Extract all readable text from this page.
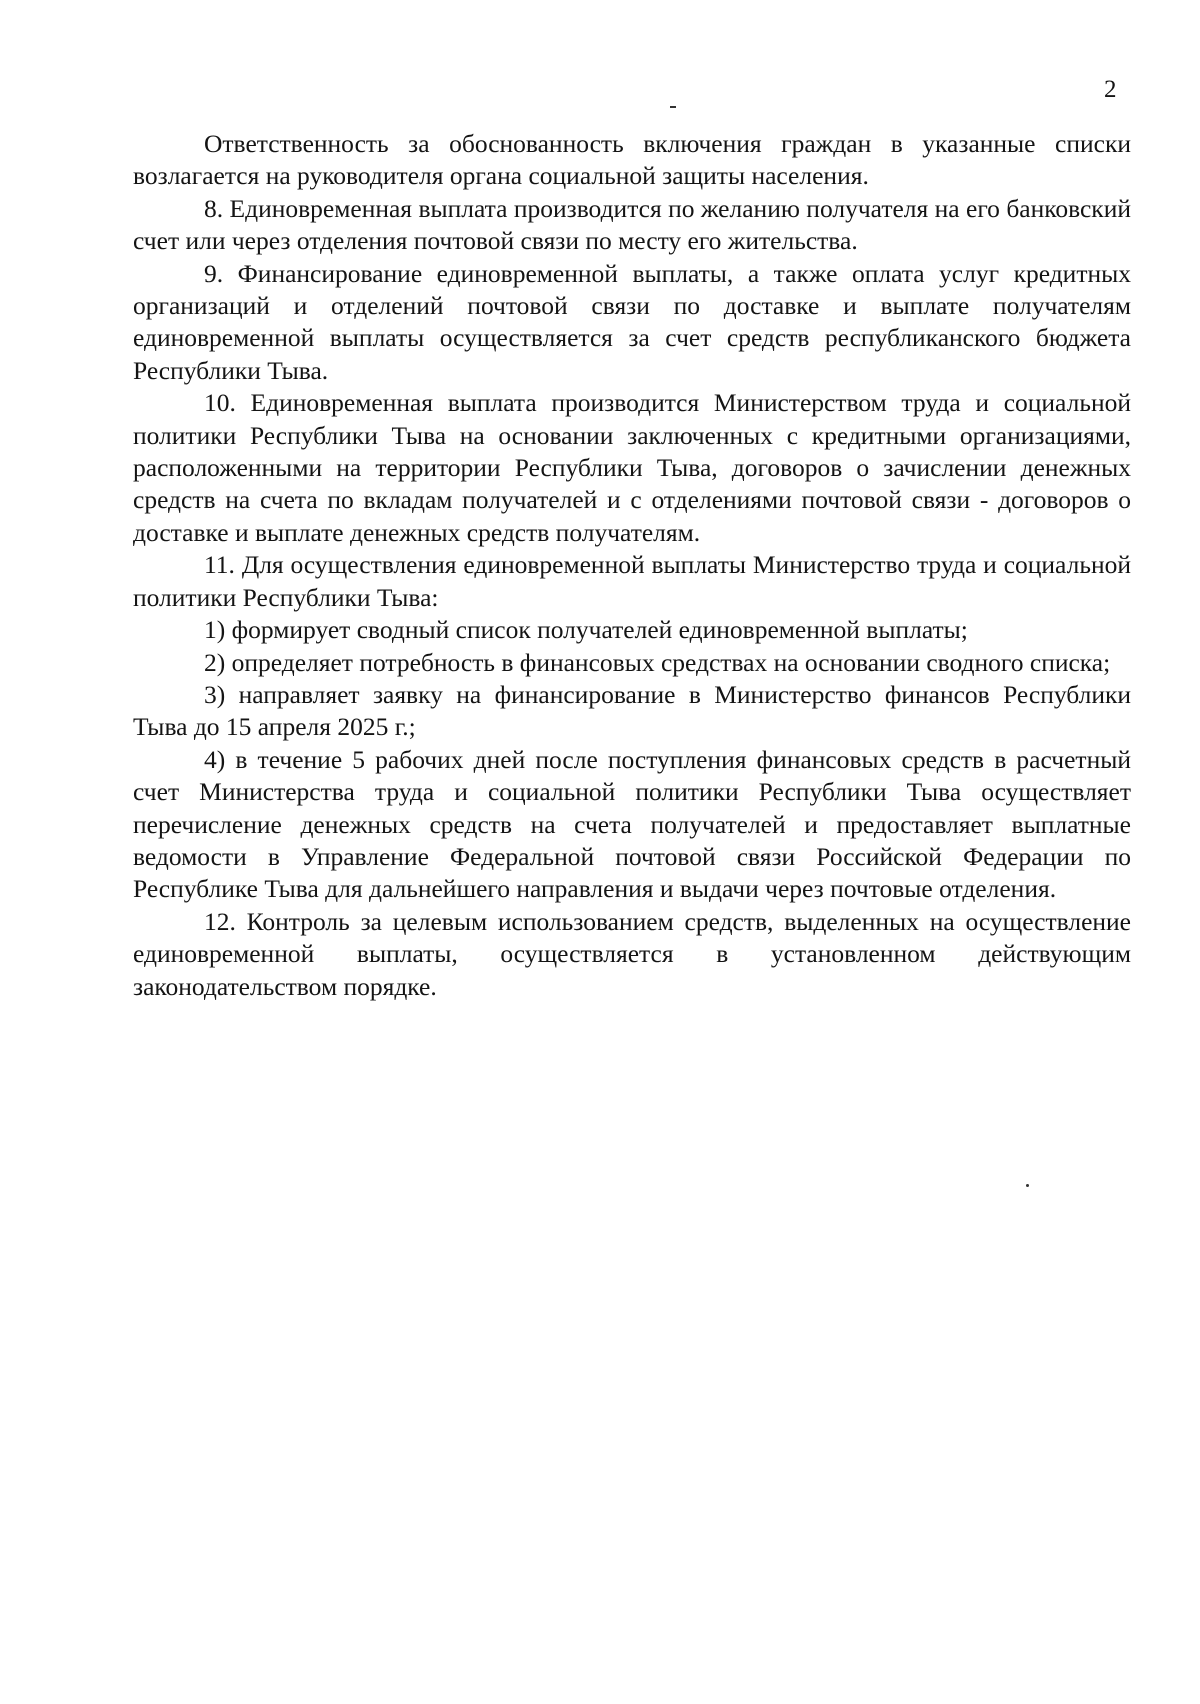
2

Ответственность за обоснованность включения граждан в указанные списки возлагается на руководителя органа социальной защиты населения.

8. Единовременная выплата производится по желанию получателя на его банковский счет или через отделения почтовой связи по месту его жительства.

9. Финансирование единовременной выплаты, а также оплата услуг кредитных организаций и отделений почтовой связи по доставке и выплате получателям единовременной выплаты осуществляется за счет средств республиканского бюджета Республики Тыва.

10. Единовременная выплата производится Министерством труда и социальной политики Республики Тыва на основании заключенных с кредитными организациями, расположенными на территории Республики Тыва, договоров о зачислении денежных средств на счета по вкладам получателей и с отделениями почтовой связи - договоров о доставке и выплате денежных средств получателям.

11. Для осуществления единовременной выплаты Министерство труда и социальной политики Республики Тыва:

1) формирует сводный список получателей единовременной выплаты;

2) определяет потребность в финансовых средствах на основании сводного списка;

3) направляет заявку на финансирование в Министерство финансов Республики Тыва до 15 апреля 2025 г.;

4) в течение 5 рабочих дней после поступления финансовых средств в расчетный счет Министерства труда и социальной политики Республики Тыва осуществляет перечисление денежных средств на счета получателей и предоставляет выплатные ведомости в Управление Федеральной почтовой связи Российской Федерации по Республике Тыва для дальнейшего направления и выдачи через почтовые отделения.

12. Контроль за целевым использованием средств, выделенных на осуществление единовременной выплаты, осуществляется в установленном действующим законодательством порядке.
